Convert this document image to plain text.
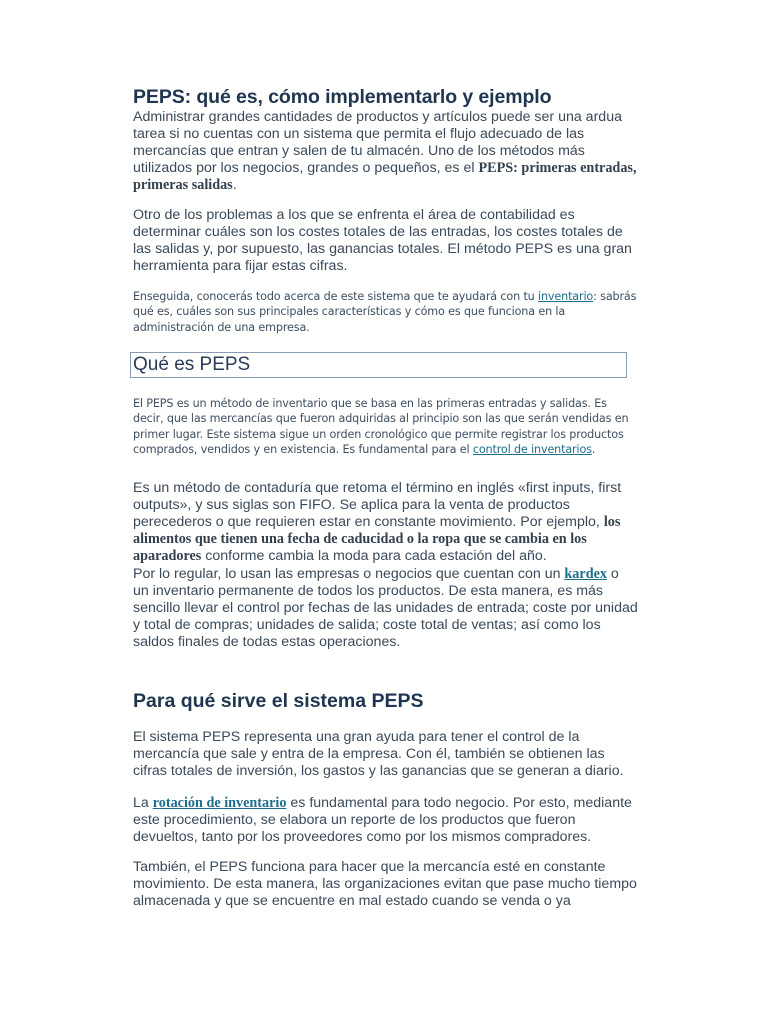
PEPS: qué es, cómo implementarlo y ejemplo

Administrar grandes cantidades de productos y artículos puede ser una ardua tarea si no cuentas con un sistema que permita el flujo adecuado de las mercancías que entran y salen de tu almacén. Uno de los métodos más utilizados por los negocios, grandes o pequeños, es el PEPS: primeras entradas, primeras salidas.

Otro de los problemas a los que se enfrenta el área de contabilidad es determinar cuáles son los costes totales de las entradas, los costes totales de las salidas y, por supuesto, las ganancias totales. El método PEPS es una gran herramienta para fijar estas cifras.

Enseguida, conocerás todo acerca de este sistema que te ayudará con tu inventario: sabrás qué es, cuáles son sus principales características y cómo es que funciona en la administración de una empresa.

Qué es PEPS

El PEPS es un método de inventario que se basa en las primeras entradas y salidas. Es decir, que las mercancías que fueron adquiridas al principio son las que serán vendidas en primer lugar. Este sistema sigue un orden cronológico que permite registrar los productos comprados, vendidos y en existencia. Es fundamental para el control de inventarios.

Es un método de contaduría que retoma el término en inglés «first inputs, first outputs», y sus siglas son FIFO. Se aplica para la venta de productos perecederos o que requieren estar en constante movimiento. Por ejemplo, los alimentos que tienen una fecha de caducidad o la ropa que se cambia en los aparadores conforme cambia la moda para cada estación del año.

Por lo regular, lo usan las empresas o negocios que cuentan con un kardex o un inventario permanente de todos los productos. De esta manera, es más sencillo llevar el control por fechas de las unidades de entrada; coste por unidad y total de compras; unidades de salida; coste total de ventas; así como los saldos finales de todas estas operaciones.

Para qué sirve el sistema PEPS

El sistema PEPS representa una gran ayuda para tener el control de la mercancía que sale y entra de la empresa. Con él, también se obtienen las cifras totales de inversión, los gastos y las ganancias que se generan a diario.

La rotación de inventario es fundamental para todo negocio. Por esto, mediante este procedimiento, se elabora un reporte de los productos que fueron devueltos, tanto por los proveedores como por los mismos compradores.

También, el PEPS funciona para hacer que la mercancía esté en constante movimiento. De esta manera, las organizaciones evitan que pase mucho tiempo almacenada y que se encuentre en mal estado cuando se venda o ya
